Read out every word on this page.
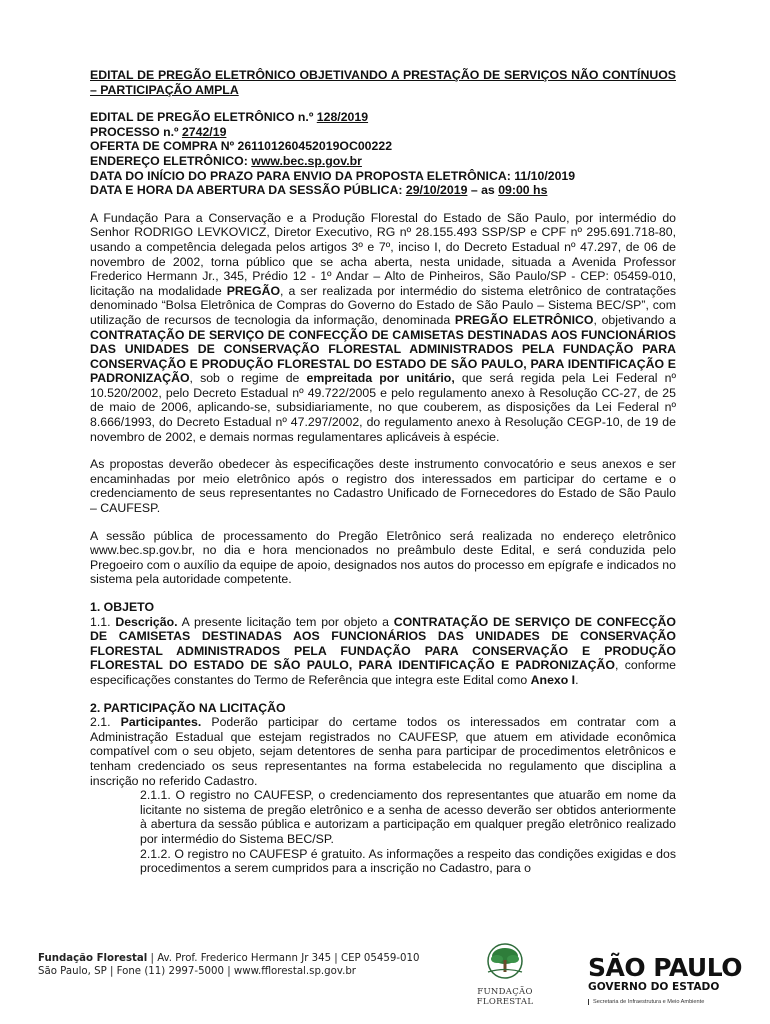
EDITAL DE PREGÃO ELETRÔNICO OBJETIVANDO A PRESTAÇÃO DE SERVIÇOS NÃO CONTÍNUOS – PARTICIPAÇÃO AMPLA
EDITAL DE PREGÃO ELETRÔNICO n.º 128/2019
PROCESSO n.º 2742/19
OFERTA DE COMPRA Nº 261101260452019OC00222
ENDEREÇO ELETRÔNICO: www.bec.sp.gov.br
DATA DO INÍCIO DO PRAZO PARA ENVIO DA PROPOSTA ELETRÔNICA: 11/10/2019
DATA E HORA DA ABERTURA DA SESSÃO PÚBLICA: 29/10/2019 – as 09:00 hs

A Fundação Para a Conservação e a Produção Florestal do Estado de São Paulo, por intermédio do Senhor RODRIGO LEVKOVICZ, Diretor Executivo, RG nº 28.155.493 SSP/SP e CPF nº 295.691.718-80, usando a competência delegada pelos artigos 3º e 7º, inciso I, do Decreto Estadual nº 47.297, de 06 de novembro de 2002, torna público que se acha aberta, nesta unidade, situada a Avenida Professor Frederico Hermann Jr., 345, Prédio 12 - 1º Andar – Alto de Pinheiros, São Paulo/SP - CEP: 05459-010, licitação na modalidade PREGÃO, a ser realizada por intermédio do sistema eletrônico de contratações denominado “Bolsa Eletrônica de Compras do Governo do Estado de São Paulo – Sistema BEC/SP”, com utilização de recursos de tecnologia da informação, denominada PREGÃO ELETRÔNICO, objetivando a CONTRATAÇÃO DE SERVIÇO DE CONFECÇÃO DE CAMISETAS DESTINADAS AOS FUNCIONÁRIOS DAS UNIDADES DE CONSERVAÇÃO FLORESTAL ADMINISTRADOS PELA FUNDAÇÃO PARA CONSERVAÇÃO E PRODUÇÃO FLORESTAL DO ESTADO DE SÃO PAULO, PARA IDENTIFICAÇÃO E PADRONIZAÇÃO, sob o regime de empreitada por unitário, que será regida pela Lei Federal nº 10.520/2002, pelo Decreto Estadual nº 49.722/2005 e pelo regulamento anexo à Resolução CC-27, de 25 de maio de 2006, aplicando-se, subsidiariamente, no que couberem, as disposições da Lei Federal nº 8.666/1993, do Decreto Estadual nº 47.297/2002, do regulamento anexo à Resolução CEGP-10, de 19 de novembro de 2002, e demais normas regulamentares aplicáveis à espécie.

As propostas deverão obedecer às especificações deste instrumento convocatório e seus anexos e ser encaminhadas por meio eletrônico após o registro dos interessados em participar do certame e o credenciamento de seus representantes no Cadastro Unificado de Fornecedores do Estado de São Paulo – CAUFESP.

A sessão pública de processamento do Pregão Eletrônico será realizada no endereço eletrônico www.bec.sp.gov.br, no dia e hora mencionados no preâmbulo deste Edital, e será conduzida pelo Pregoeiro com o auxílio da equipe de apoio, designados nos autos do processo em epígrafe e indicados no sistema pela autoridade competente.

1. OBJETO
1.1. Descrição. A presente licitação tem por objeto a CONTRATAÇÃO DE SERVIÇO DE CONFECÇÃO DE CAMISETAS DESTINADAS AOS FUNCIONÁRIOS DAS UNIDADES DE CONSERVAÇÃO FLORESTAL ADMINISTRADOS PELA FUNDAÇÃO PARA CONSERVAÇÃO E PRODUÇÃO FLORESTAL DO ESTADO DE SÃO PAULO, PARA IDENTIFICAÇÃO E PADRONIZAÇÃO, conforme especificações constantes do Termo de Referência que integra este Edital como Anexo I.
2. PARTICIPAÇÃO NA LICITAÇÃO
2.1. Participantes. Poderão participar do certame todos os interessados em contratar com a Administração Estadual que estejam registrados no CAUFESP, que atuem em atividade econômica compatível com o seu objeto, sejam detentores de senha para participar de procedimentos eletrônicos e tenham credenciado os seus representantes na forma estabelecida no regulamento que disciplina a inscrição no referido Cadastro.
2.1.1. O registro no CAUFESP, o credenciamento dos representantes que atuarão em nome da licitante no sistema de pregão eletrônico e a senha de acesso deverão ser obtidos anteriormente à abertura da sessão pública e autorizam a participação em qualquer pregão eletrônico realizado por intermédio do Sistema BEC/SP.
2.1.2. O registro no CAUFESP é gratuito. As informações a respeito das condições exigidas e dos procedimentos a serem cumpridos para a inscrição no Cadastro, para o
Fundação Florestal | Av. Prof. Frederico Hermann Jr 345 | CEP 05459-010
São Paulo, SP | Fone (11) 2997-5000 | www.fflorestal.sp.gov.br
FUNDAÇÃO FLORESTAL
SÃO PAULO
GOVERNO DO ESTADO
Secretaria de Infraestrutura e Meio Ambiente
